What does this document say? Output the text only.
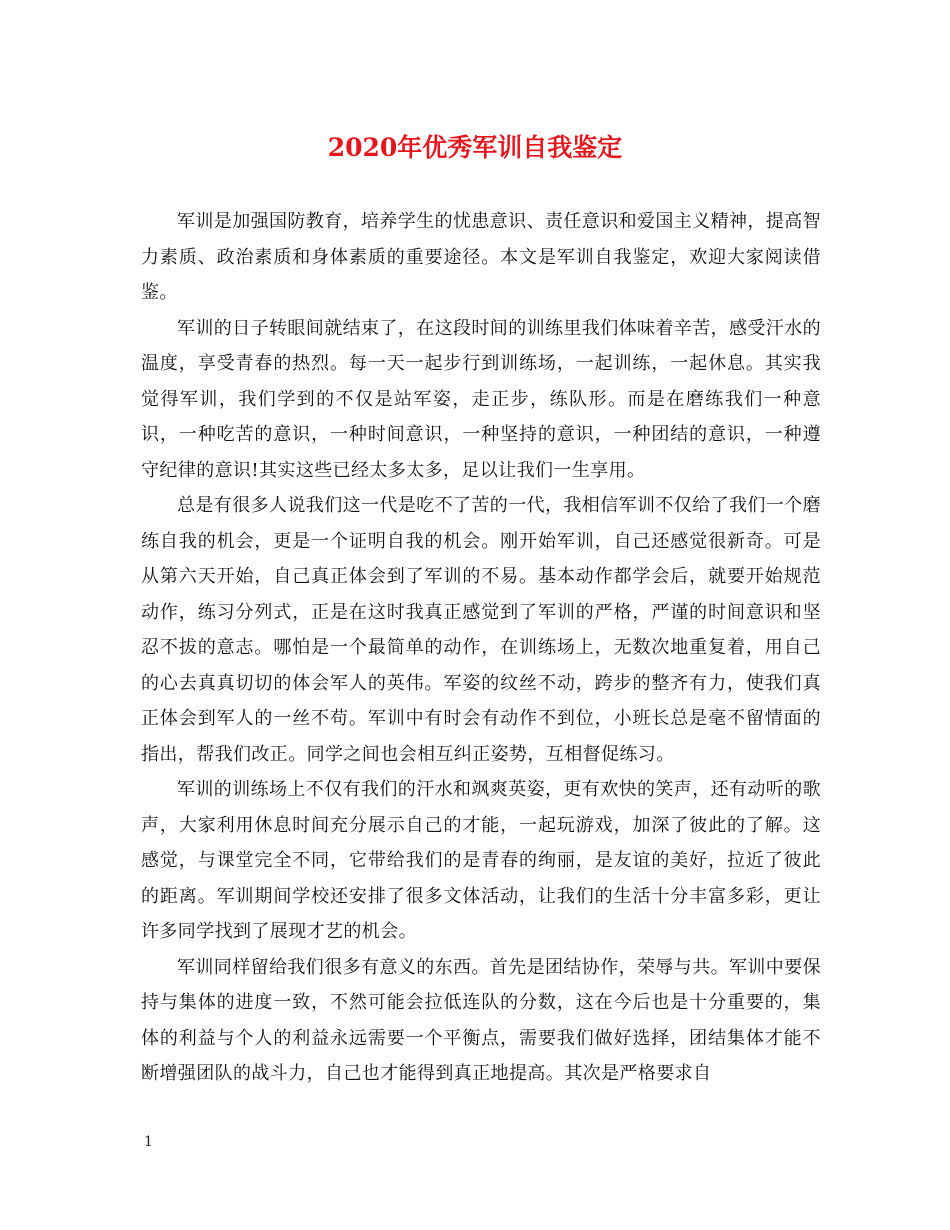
2020年优秀军训自我鉴定

军训是加强国防教育，培养学生的忧患意识、责任意识和爱国主义精神，提高智力素质、政治素质和身体素质的重要途径。本文是军训自我鉴定，欢迎大家阅读借鉴。

军训的日子转眼间就结束了，在这段时间的训练里我们体味着辛苦，感受汗水的温度，享受青春的热烈。每一天一起步行到训练场，一起训练，一起休息。其实我觉得军训，我们学到的不仅是站军姿，走正步，练队形。而是在磨练我们一种意识，一种吃苦的意识，一种时间意识，一种坚持的意识，一种团结的意识，一种遵守纪律的意识!其实这些已经太多太多，足以让我们一生享用。

总是有很多人说我们这一代是吃不了苦的一代，我相信军训不仅给了我们一个磨练自我的机会，更是一个证明自我的机会。刚开始军训，自己还感觉很新奇。可是从第六天开始，自己真正体会到了军训的不易。基本动作都学会后，就要开始规范动作，练习分列式，正是在这时我真正感觉到了军训的严格，严谨的时间意识和坚忍不拔的意志。哪怕是一个最简单的动作，在训练场上，无数次地重复着，用自己的心去真真切切的体会军人的英伟。军姿的纹丝不动，跨步的整齐有力，使我们真正体会到军人的一丝不苟。军训中有时会有动作不到位，小班长总是毫不留情面的指出，帮我们改正。同学之间也会相互纠正姿势，互相督促练习。

军训的训练场上不仅有我们的汗水和飒爽英姿，更有欢快的笑声，还有动听的歌声，大家利用休息时间充分展示自己的才能，一起玩游戏，加深了彼此的了解。这感觉，与课堂完全不同，它带给我们的是青春的绚丽，是友谊的美好，拉近了彼此的距离。军训期间学校还安排了很多文体活动，让我们的生活十分丰富多彩，更让许多同学找到了展现才艺的机会。

军训同样留给我们很多有意义的东西。首先是团结协作，荣辱与共。军训中要保持与集体的进度一致，不然可能会拉低连队的分数，这在今后也是十分重要的，集体的利益与个人的利益永远需要一个平衡点，需要我们做好选择，团结集体才能不断增强团队的战斗力，自己也才能得到真正地提高。其次是严格要求自

1
